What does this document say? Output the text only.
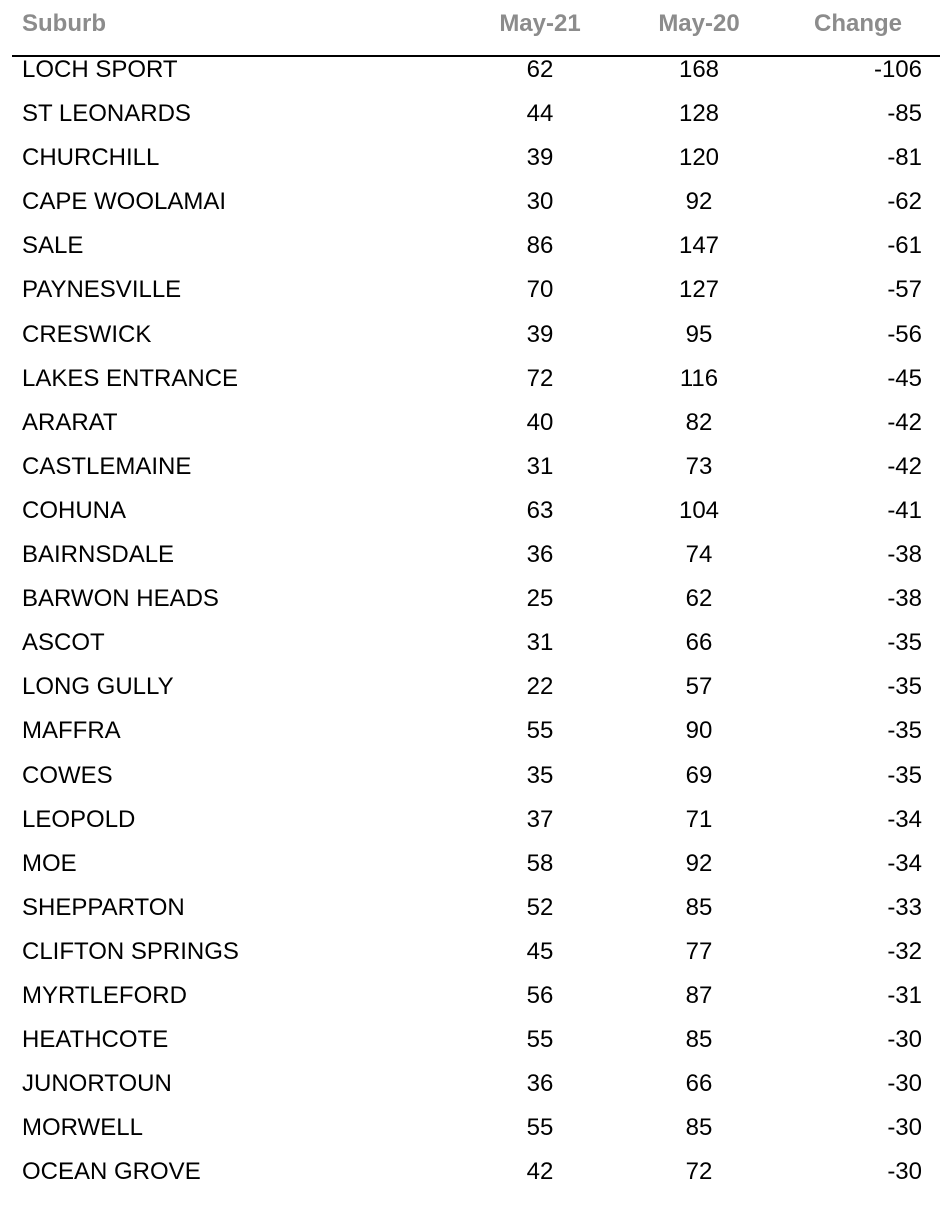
Suburb	May-21	May-20	Change
LOCH SPORT	62	168	-106
ST LEONARDS	44	128	-85
CHURCHILL	39	120	-81
CAPE WOOLAMAI	30	92	-62
SALE	86	147	-61
PAYNESVILLE	70	127	-57
CRESWICK	39	95	-56
LAKES ENTRANCE	72	116	-45
ARARAT	40	82	-42
CASTLEMAINE	31	73	-42
COHUNA	63	104	-41
BAIRNSDALE	36	74	-38
BARWON HEADS	25	62	-38
ASCOT	31	66	-35
LONG GULLY	22	57	-35
MAFFRA	55	90	-35
COWES	35	69	-35
LEOPOLD	37	71	-34
MOE	58	92	-34
SHEPPARTON	52	85	-33
CLIFTON SPRINGS	45	77	-32
MYRTLEFORD	56	87	-31
HEATHCOTE	55	85	-30
JUNORTOUN	36	66	-30
MORWELL	55	85	-30
OCEAN GROVE	42	72	-30
